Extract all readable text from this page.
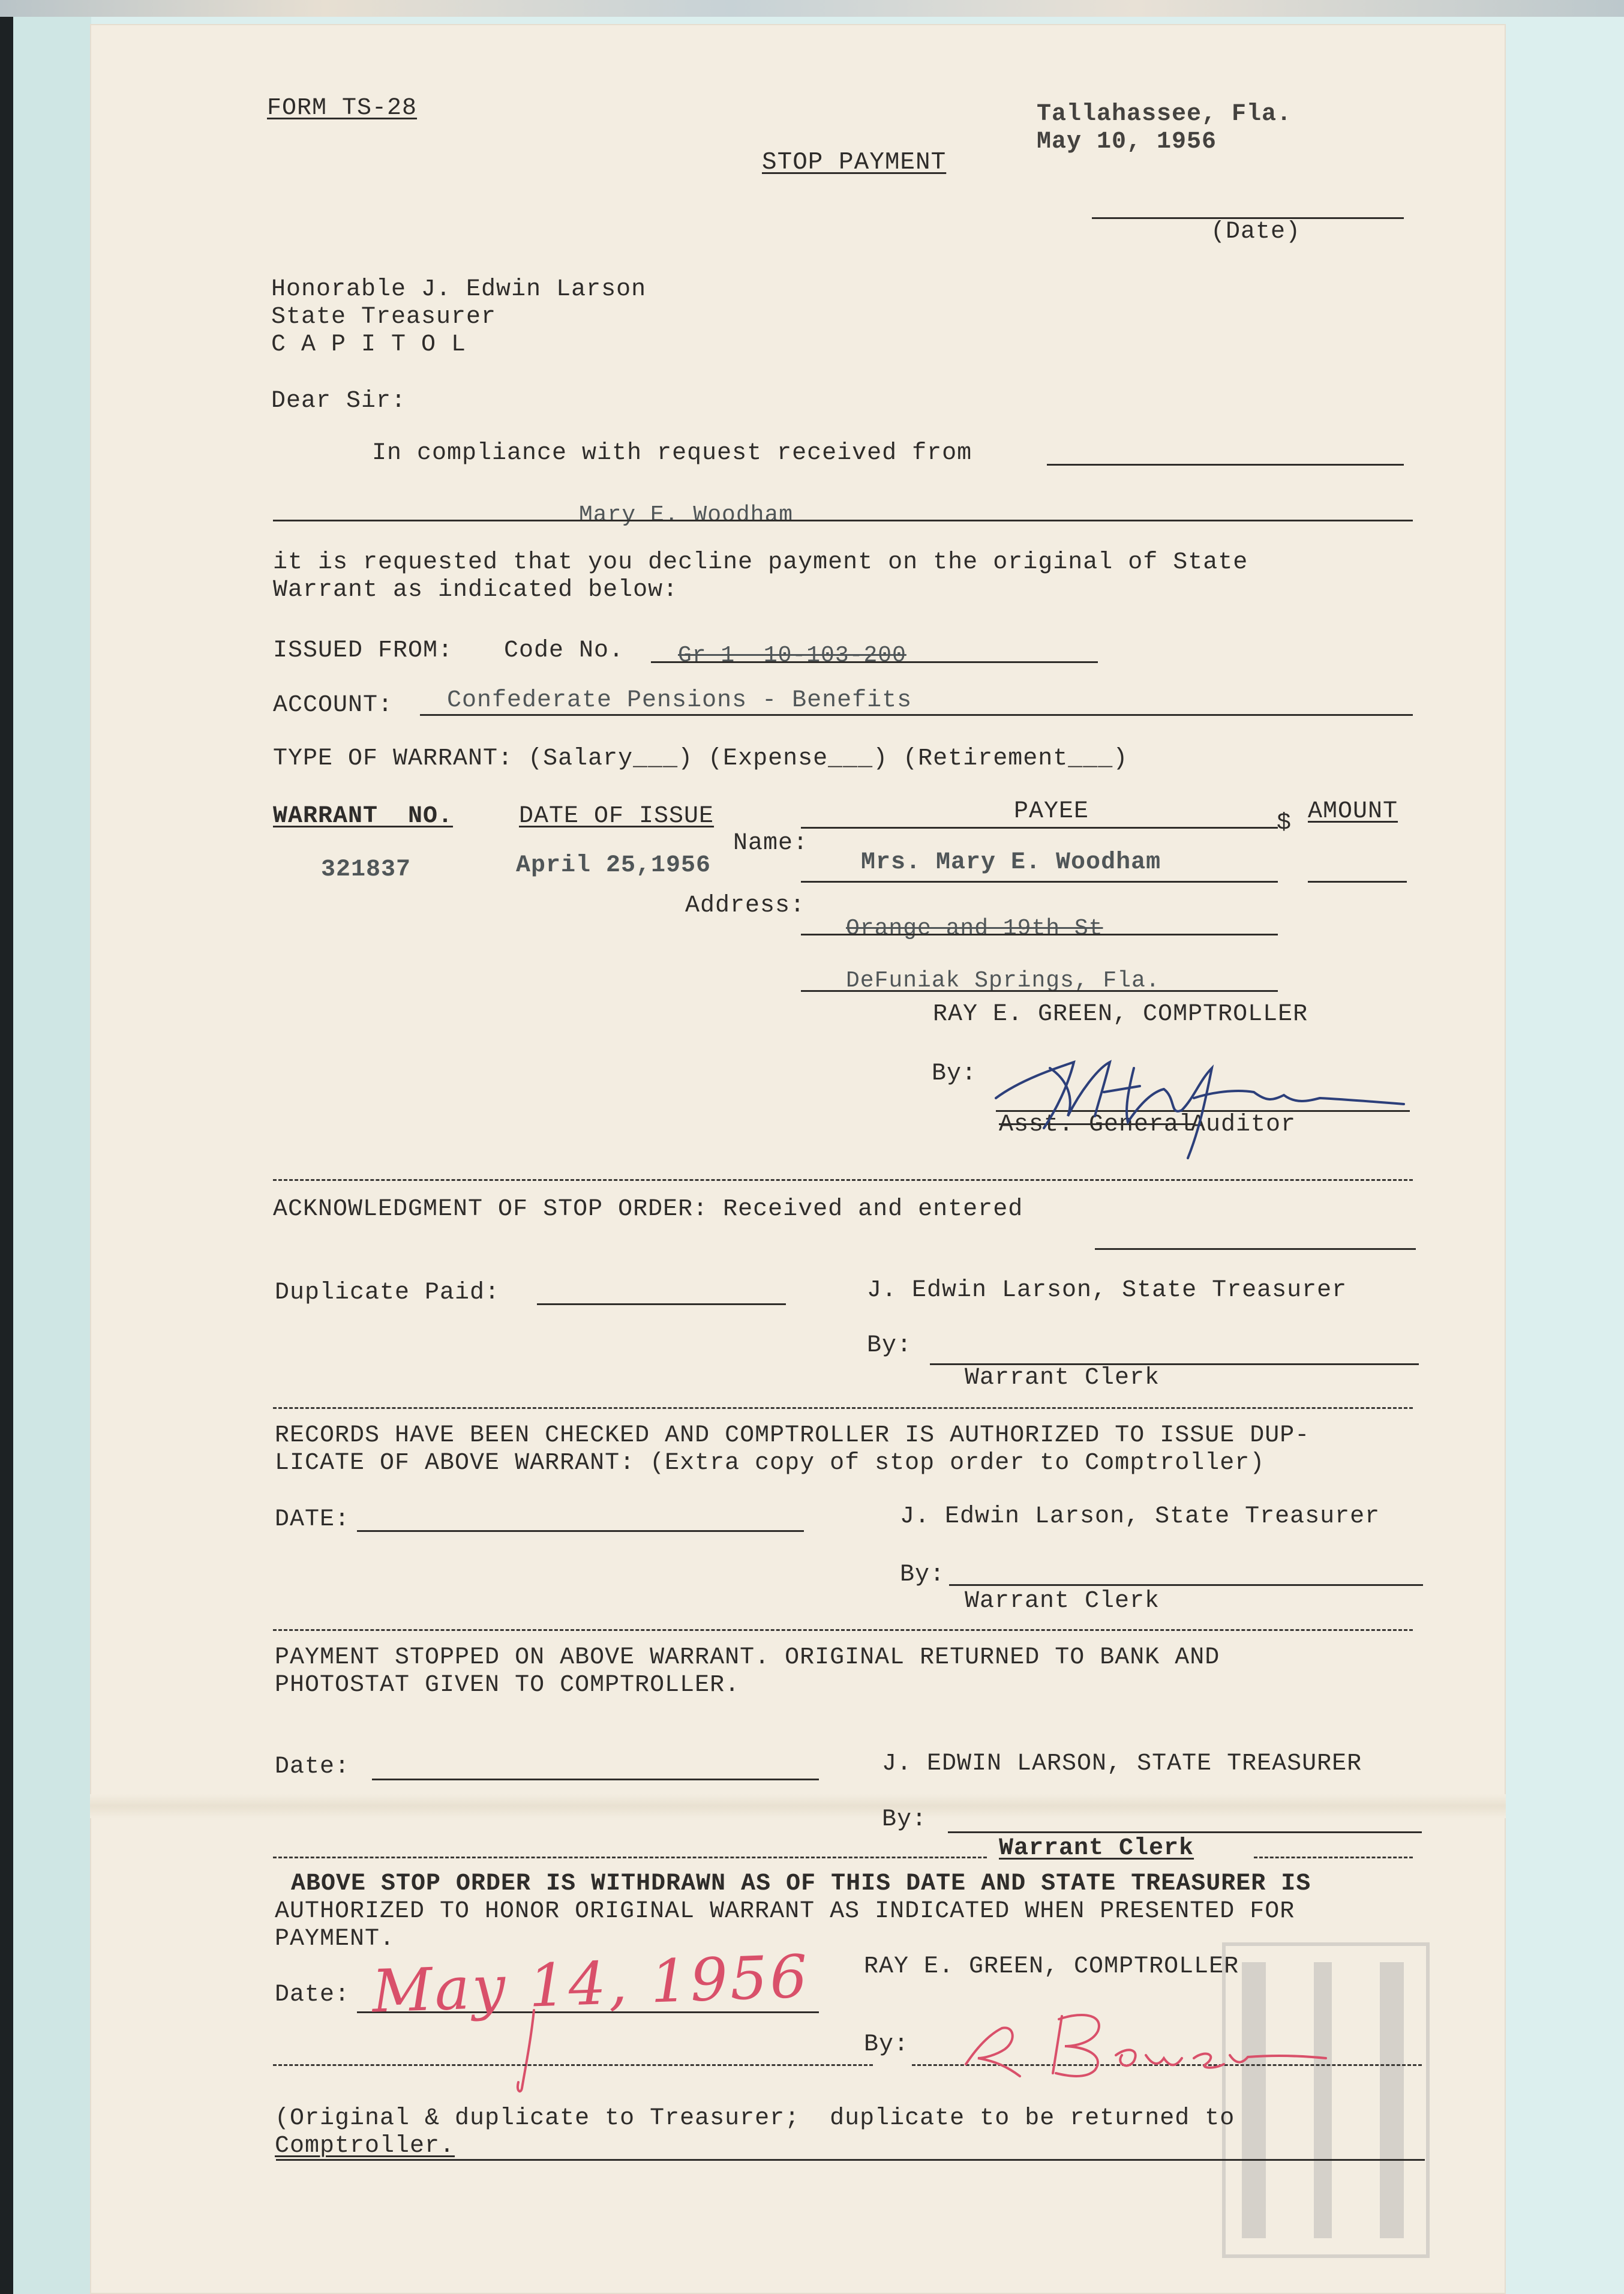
FORM TS-28
STOP PAYMENT
Tallahassee, Fla.
May 10, 1956
(Date)
Honorable J. Edwin Larson
State Treasurer
C A P I T O L
Dear Sir:
In compliance with request received from
Mary E. Woodham
it is requested that you decline payment on the original of State
Warrant as indicated below:
ISSUED FROM: Code No. Gr 1  10-103-200
ACCOUNT: Confederate Pensions - Benefits
TYPE OF WARRANT: (Salary___) (Expense___) (Retirement___)
WARRANT  NO.	DATE OF ISSUE	PAYEE	$ AMOUNT
Name:
321837	April 25,1956	Mrs. Mary E. Woodham
Address:
Orange and 19th St
DeFuniak Springs, Fla.
RAY E. GREEN, COMPTROLLER
By:
Asst. General
Auditor
ACKNOWLEDGMENT OF STOP ORDER: Received and entered
Duplicate Paid:	J. Edwin Larson, State Treasurer
By:
Warrant Clerk
RECORDS HAVE BEEN CHECKED AND COMPTROLLER IS AUTHORIZED TO ISSUE DUP-
LICATE OF ABOVE WARRANT: (Extra copy of stop order to Comptroller)
DATE:	J. Edwin Larson, State Treasurer
By:
Warrant Clerk
PAYMENT STOPPED ON ABOVE WARRANT. ORIGINAL RETURNED TO BANK AND
PHOTOSTAT GIVEN TO COMPTROLLER.
Date:	J. EDWIN LARSON, STATE TREASURER
By:
Warrant Clerk
ABOVE STOP ORDER IS WITHDRAWN AS OF THIS DATE AND STATE TREASURER IS
AUTHORIZED TO HONOR ORIGINAL WARRANT AS INDICATED WHEN PRESENTED FOR
PAYMENT.
Date:
RAY E. GREEN, COMPTROLLER
May 14, 1956
By:
(Original & duplicate to Treasurer;  duplicate to be returned to
Comptroller.
